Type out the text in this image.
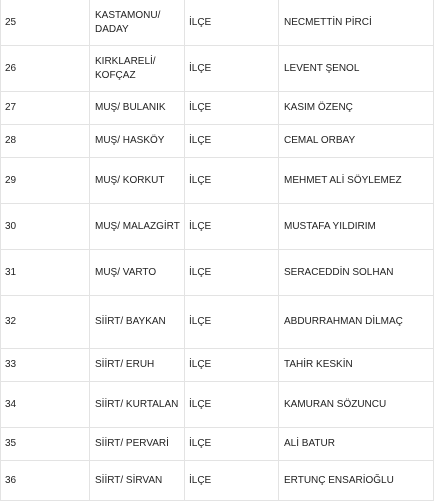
25	KASTAMONU/ DADAY	İLÇE	NECMETTİN PİRCİ
26	KIRKLARELİ/ KOFÇAZ	İLÇE	LEVENT ŞENOL
27	MUŞ/ BULANIK	İLÇE	KASIM ÖZENÇ
28	MUŞ/ HASKÖY	İLÇE	CEMAL ORBAY
29	MUŞ/ KORKUT	İLÇE	MEHMET ALİ SÖYLEMEZ
30	MUŞ/ MALAZGİRT	İLÇE	MUSTAFA YILDIRIM
31	MUŞ/ VARTO	İLÇE	SERACEDDİN SOLHAN
32	SİİRT/ BAYKAN	İLÇE	ABDURRAHMAN DİLMAÇ
33	SİİRT/ ERUH	İLÇE	TAHİR KESKİN
34	SİİRT/ KURTALAN	İLÇE	KAMURAN SÖZUNCU
35	SİİRT/ PERVARİ	İLÇE	ALİ BATUR
36	SİİRT/ SİRVAN	İLÇE	ERTUNÇ ENSARİOĞLU
